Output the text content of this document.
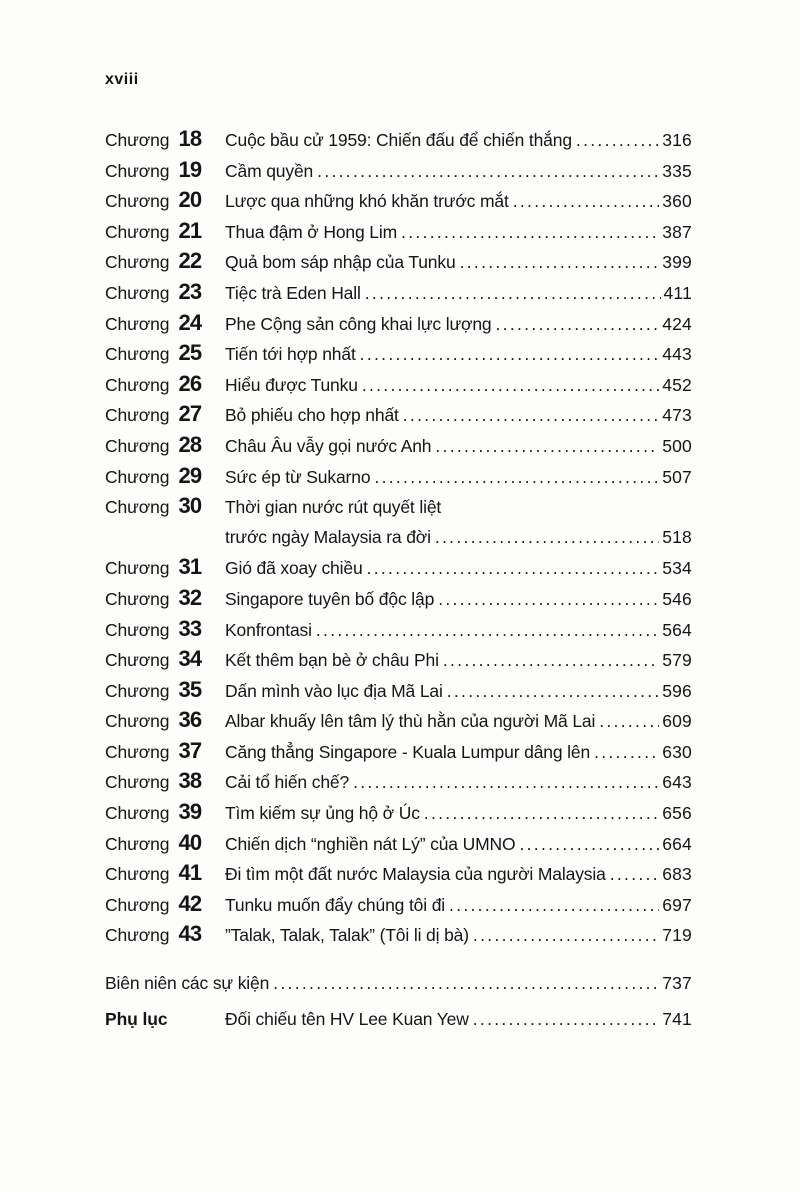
xviii
Chương 18 Cuộc bầu cử 1959: Chiến đấu để chiến thắng .....	316
Chương 19 Cầm quyền .....	335
Chương 20 Lược qua những khó khăn trước mắt .....	360
Chương 21 Thua đậm ở Hong Lim .....	387
Chương 22 Quả bom sáp nhập của Tunku .....	399
Chương 23 Tiệc trà Eden Hall .....	411
Chương 24 Phe Cộng sản công khai lực lượng .....	424
Chương 25 Tiến tới hợp nhất .....	443
Chương 26 Hiểu được Tunku .....	452
Chương 27 Bỏ phiếu cho hợp nhất .....	473
Chương 28 Châu Âu vẫy gọi nước Anh .....	500
Chương 29 Sức ép từ Sukarno .....	507
Chương 30 Thời gian nước rút quyết liệt
trước ngày Malaysia ra đời .....	518
Chương 31 Gió đã xoay chiều .....	534
Chương 32 Singapore tuyên bố độc lập .....	546
Chương 33 Konfrontasi .....	564
Chương 34 Kết thêm bạn bè ở châu Phi .....	579
Chương 35 Dấn mình vào lục địa Mã Lai .....	596
Chương 36 Albar khuấy lên tâm lý thù hằn của người Mã Lai .....	609
Chương 37 Căng thẳng Singapore - Kuala Lumpur dâng lên .....	630
Chương 38 Cải tổ hiến chế? .....	643
Chương 39 Tìm kiếm sự ủng hộ ở Úc .....	656
Chương 40 Chiến dịch “nghiền nát Lý” của UMNO .....	664
Chương 41 Đi tìm một đất nước Malaysia của người Malaysia .....	683
Chương 42 Tunku muốn đẩy chúng tôi đi .....	697
Chương 43 ”Talak, Talak, Talak” (Tôi li dị bà) .....	719
Biên niên các sự kiện .....	737
Phụ lục	Đối chiếu tên HV Lee Kuan Yew .....	741
